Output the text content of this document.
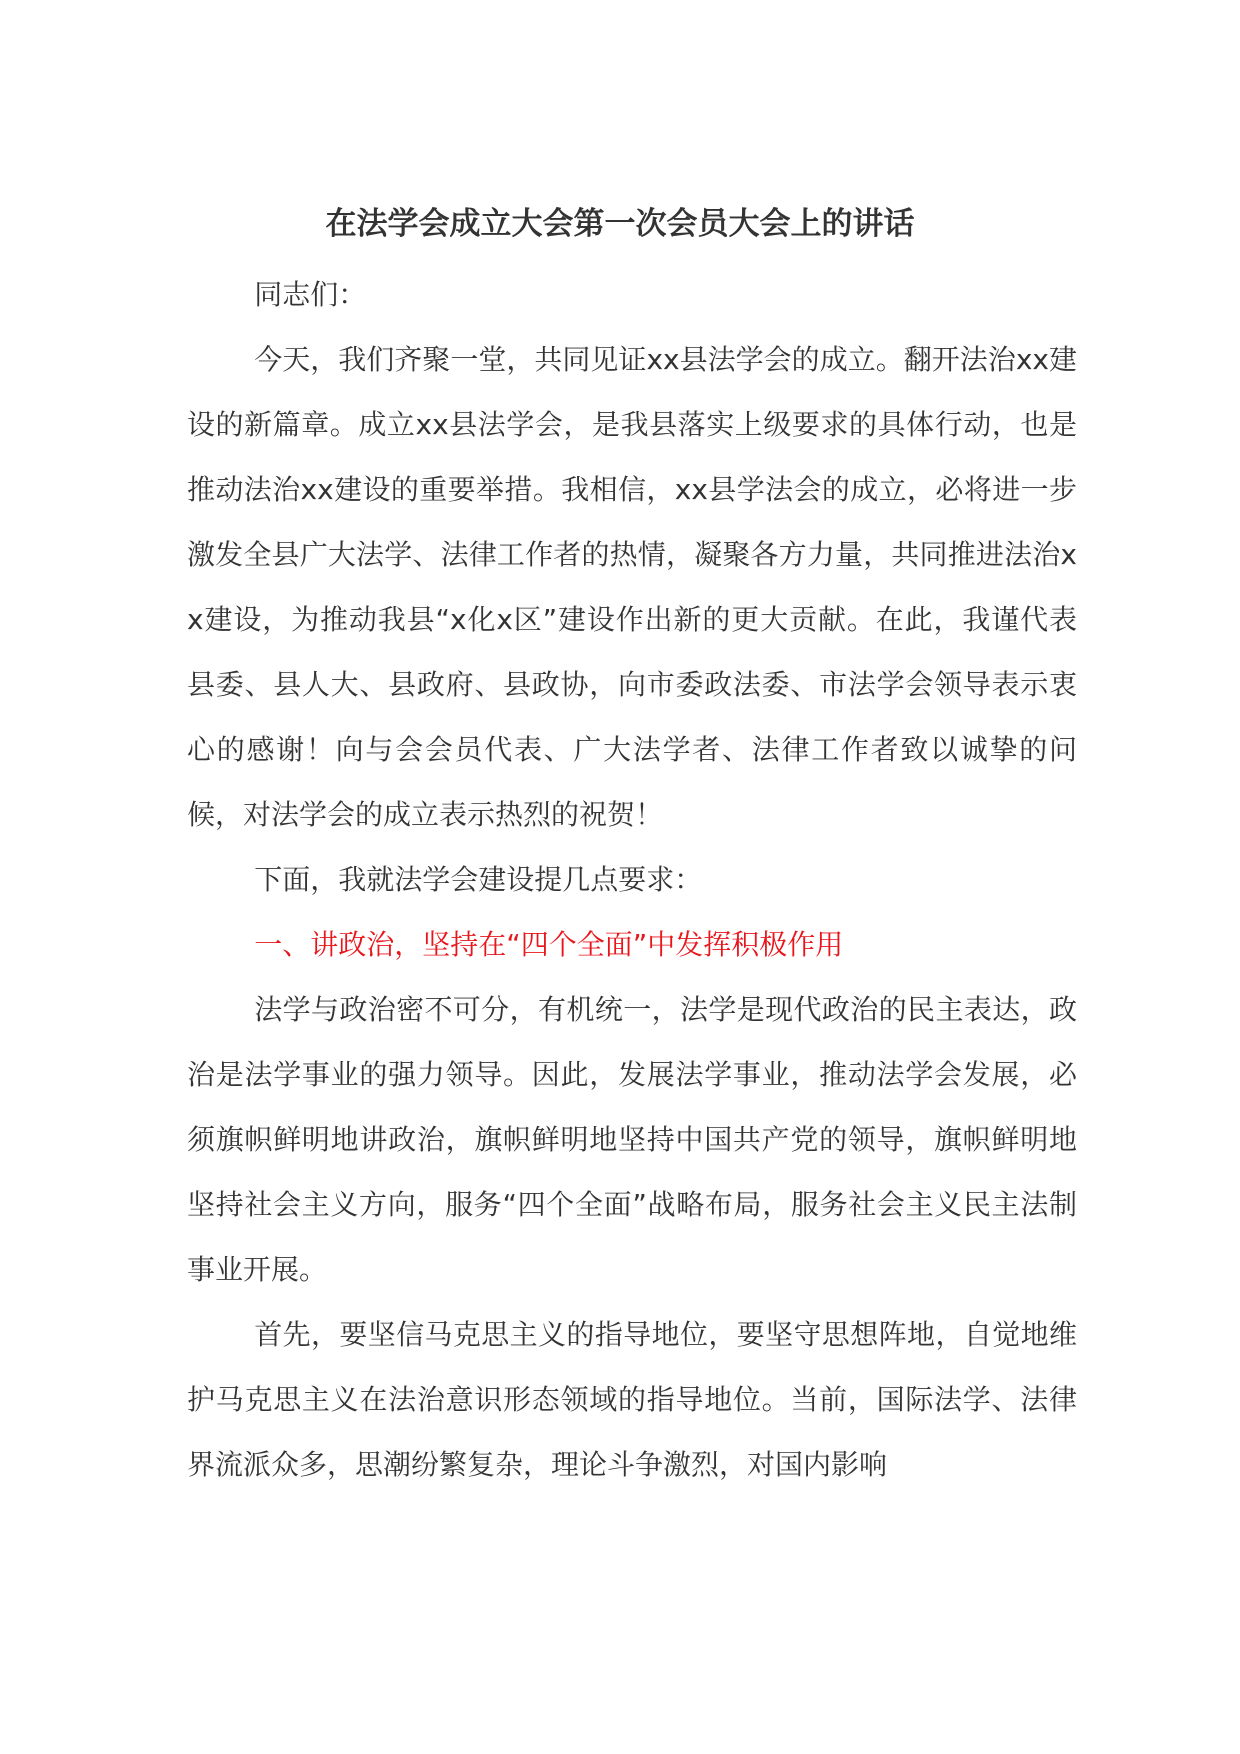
在法学会成立大会第一次会员大会上的讲话

同志们：

今天，我们齐聚一堂，共同见证xx县法学会的成立。翻开法治xx建设的新篇章。成立xx县法学会，是我县落实上级要求的具体行动，也是推动法治xx建设的重要举措。我相信，xx县学法会的成立，必将进一步激发全县广大法学、法律工作者的热情，凝聚各方力量，共同推进法治xx建设，为推动我县“x化x区”建设作出新的更大贡献。在此，我谨代表县委、县人大、县政府、县政协，向市委政法委、市法学会领导表示衷心的感谢！向与会会员代表、广大法学者、法律工作者致以诚挚的问候，对法学会的成立表示热烈的祝贺！

下面，我就法学会建设提几点要求：

一、讲政治，坚持在“四个全面”中发挥积极作用

法学与政治密不可分，有机统一，法学是现代政治的民主表达，政治是法学事业的强力领导。因此，发展法学事业，推动法学会发展，必须旗帜鲜明地讲政治，旗帜鲜明地坚持中国共产党的领导，旗帜鲜明地坚持社会主义方向，服务“四个全面”战略布局，服务社会主义民主法制事业开展。

首先，要坚信马克思主义的指导地位，要坚守思想阵地，自觉地维护马克思主义在法治意识形态领域的指导地位。当前，国际法学、法律界流派众多，思潮纷繁复杂，理论斗争激烈，对国内影响
